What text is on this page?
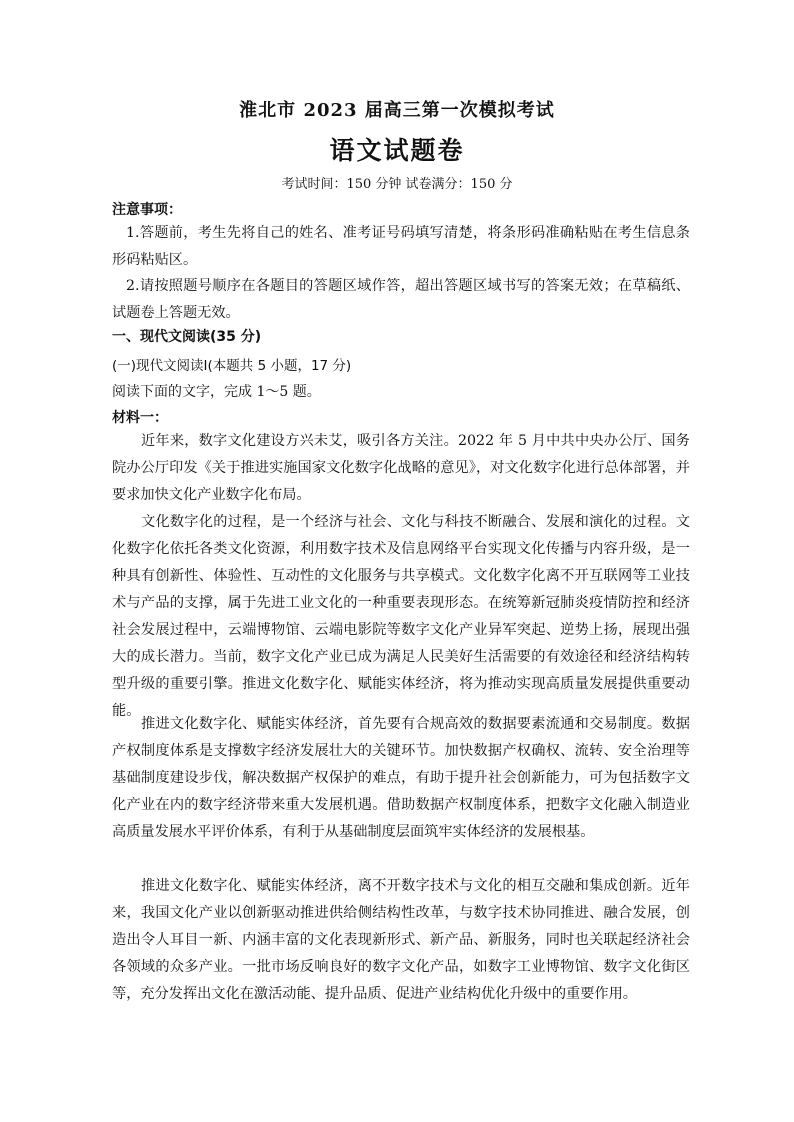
淮北市 2023 届高三第一次模拟考试
语文试题卷
考试时间：150 分钟 试卷满分：150 分
注意事项：
1.答题前，考生先将自己的姓名、准考证号码填写清楚，将条形码准确粘贴在考生信息条形码粘贴区。
2.请按照题号顺序在各题目的答题区域作答，超出答题区域书写的答案无效；在草稿纸、试题卷上答题无效。
一、现代文阅读(35 分)
(一)现代文阅读Ⅰ(本题共 5 小题，17 分)
阅读下面的文字，完成 1～5 题。
材料一：
近年来，数字文化建设方兴未艾，吸引各方关注。2022 年 5 月中共中央办公厅、国务院办公厅印发《关于推进实施国家文化数字化战略的意见》，对文化数字化进行总体部署，并要求加快文化产业数字化布局。
文化数字化的过程，是一个经济与社会、文化与科技不断融合、发展和演化的过程。文化数字化依托各类文化资源，利用数字技术及信息网络平台实现文化传播与内容升级，是一种具有创新性、体验性、互动性的文化服务与共享模式。文化数字化离不开互联网等工业技术与产品的支撑，属于先进工业文化的一种重要表现形态。在统筹新冠肺炎疫情防控和经济社会发展过程中，云端博物馆、云端电影院等数字文化产业异军突起、逆势上扬，展现出强大的成长潜力。当前，数字文化产业已成为满足人民美好生活需要的有效途径和经济结构转型升级的重要引擎。推进文化数字化、赋能实体经济，将为推动实现高质量发展提供重要动能。
推进文化数字化、赋能实体经济，首先要有合规高效的数据要素流通和交易制度。数据产权制度体系是支撑数字经济发展壮大的关键环节。加快数据产权确权、流转、安全治理等基础制度建设步伐，解决数据产权保护的难点，有助于提升社会创新能力，可为包括数字文化产业在内的数字经济带来重大发展机遇。借助数据产权制度体系，把数字文化融入制造业高质量发展水平评价体系，有利于从基础制度层面筑牢实体经济的发展根基。
推进文化数字化、赋能实体经济，离不开数字技术与文化的相互交融和集成创新。近年来，我国文化产业以创新驱动推进供给侧结构性改革，与数字技术协同推进、融合发展，创造出令人耳目一新、内涵丰富的文化表现新形式、新产品、新服务，同时也关联起经济社会各领域的众多产业。一批市场反响良好的数字文化产品，如数字工业博物馆、数字文化街区等，充分发挥出文化在激活动能、提升品质、促进产业结构优化升级中的重要作用。
